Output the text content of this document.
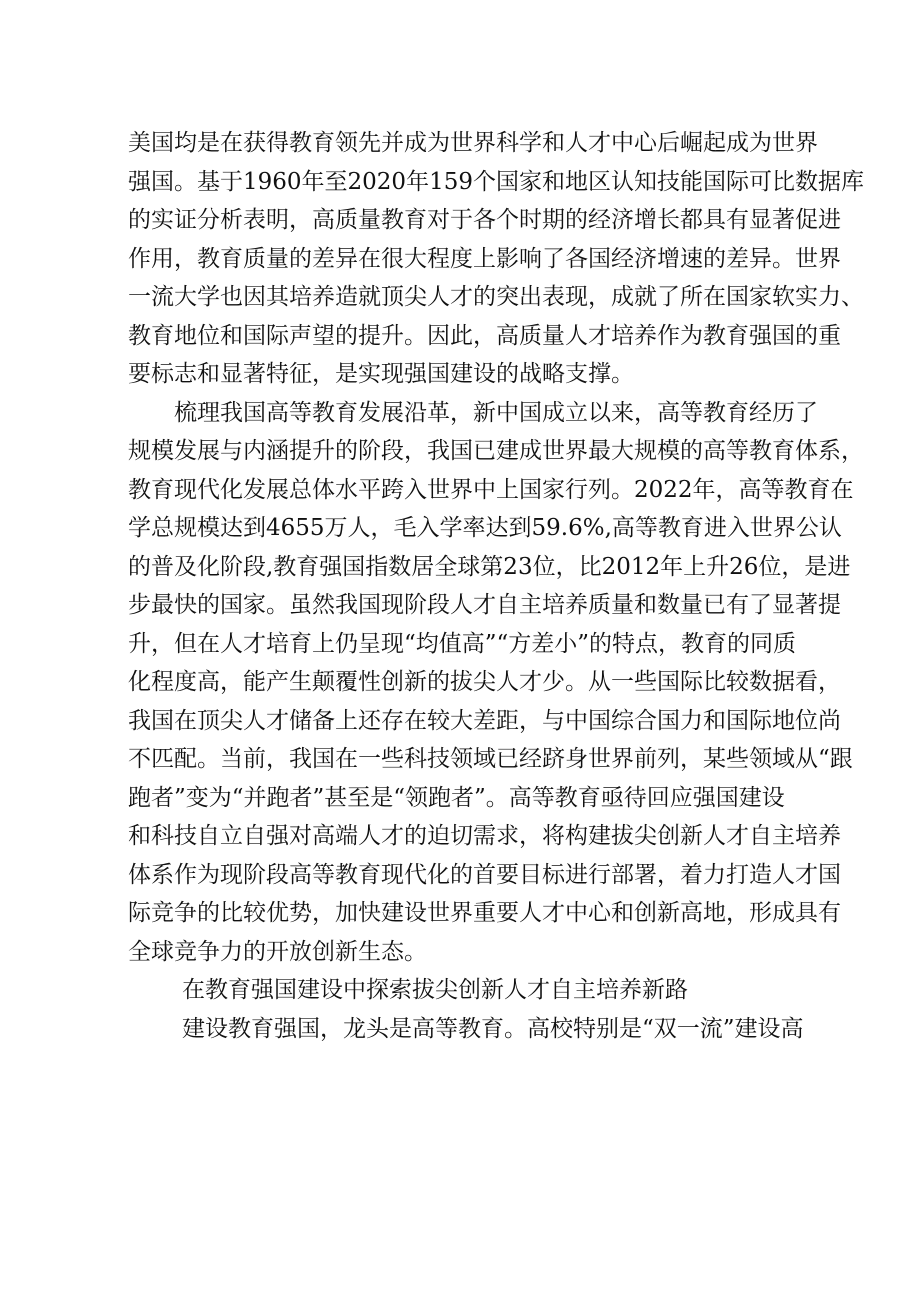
美国均是在获得教育领先并成为世界科学和人才中心后崛起成为世界
强国。基于1960年至2020年159个国家和地区认知技能国际可比数据库
的实证分析表明，高质量教育对于各个时期的经济增长都具有显著促进
作用，教育质量的差异在很大程度上影响了各国经济增速的差异。世界
一流大学也因其培养造就顶尖人才的突出表现，成就了所在国家软实力、
教育地位和国际声望的提升。因此，高质量人才培养作为教育强国的重
要标志和显著特征，是实现强国建设的战略支撑。
梳理我国高等教育发展沿革，新中国成立以来，高等教育经历了
规模发展与内涵提升的阶段，我国已建成世界最大规模的高等教育体系，
教育现代化发展总体水平跨入世界中上国家行列。2022年，高等教育在
学总规模达到4655万人，毛入学率达到59.6%,高等教育进入世界公认
的普及化阶段,教育强国指数居全球第23位，比2012年上升26位，是进
步最快的国家。虽然我国现阶段人才自主培养质量和数量已有了显著提
升，但在人才培育上仍呈现“均值高”“方差小”的特点，教育的同质
化程度高，能产生颠覆性创新的拔尖人才少。从一些国际比较数据看，
我国在顶尖人才储备上还存在较大差距，与中国综合国力和国际地位尚
不匹配。当前，我国在一些科技领域已经跻身世界前列，某些领域从“跟
跑者”变为“并跑者”甚至是“领跑者”。高等教育亟待回应强国建设
和科技自立自强对高端人才的迫切需求，将构建拔尖创新人才自主培养
体系作为现阶段高等教育现代化的首要目标进行部署，着力打造人才国
际竞争的比较优势，加快建设世界重要人才中心和创新高地，形成具有
全球竞争力的开放创新生态。
在教育强国建设中探索拔尖创新人才自主培养新路
建设教育强国，龙头是高等教育。高校特别是“双一流”建设高
